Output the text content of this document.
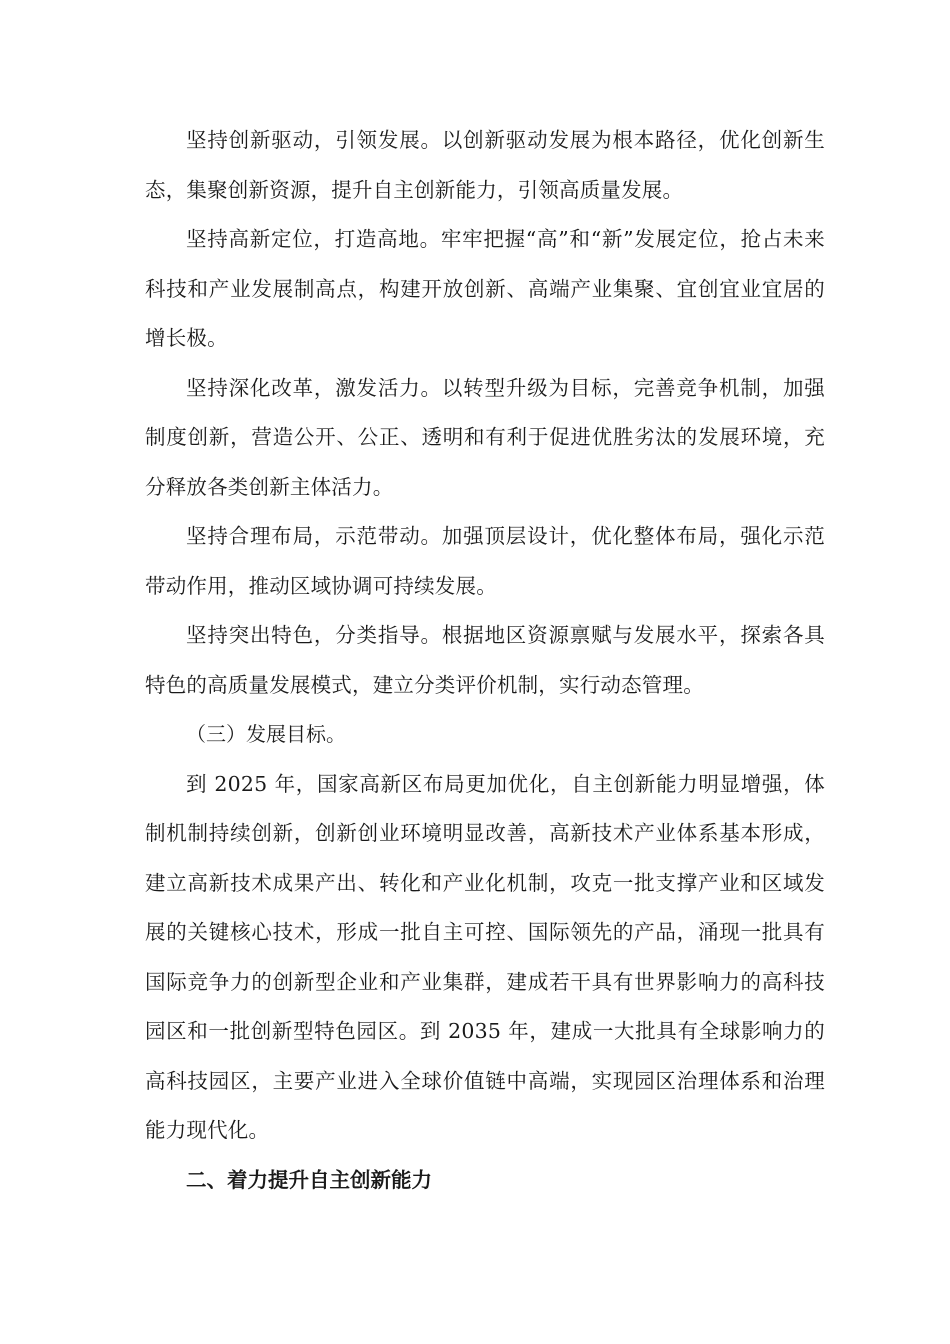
坚持创新驱动，引领发展。以创新驱动发展为根本路径，优化创新生态，集聚创新资源，提升自主创新能力，引领高质量发展。

坚持高新定位，打造高地。牢牢把握“高”和“新”发展定位，抢占未来科技和产业发展制高点，构建开放创新、高端产业集聚、宜创宜业宜居的增长极。

坚持深化改革，激发活力。以转型升级为目标，完善竞争机制，加强制度创新，营造公开、公正、透明和有利于促进优胜劣汰的发展环境，充分释放各类创新主体活力。

坚持合理布局，示范带动。加强顶层设计，优化整体布局，强化示范带动作用，推动区域协调可持续发展。

坚持突出特色，分类指导。根据地区资源禀赋与发展水平，探索各具特色的高质量发展模式，建立分类评价机制，实行动态管理。

（三）发展目标。

到 2025 年，国家高新区布局更加优化，自主创新能力明显增强，体制机制持续创新，创新创业环境明显改善，高新技术产业体系基本形成，建立高新技术成果产出、转化和产业化机制，攻克一批支撑产业和区域发展的关键核心技术，形成一批自主可控、国际领先的产品，涌现一批具有国际竞争力的创新型企业和产业集群，建成若干具有世界影响力的高科技园区和一批创新型特色园区。到 2035 年，建成一大批具有全球影响力的高科技园区，主要产业进入全球价值链中高端，实现园区治理体系和治理能力现代化。

二、着力提升自主创新能力
